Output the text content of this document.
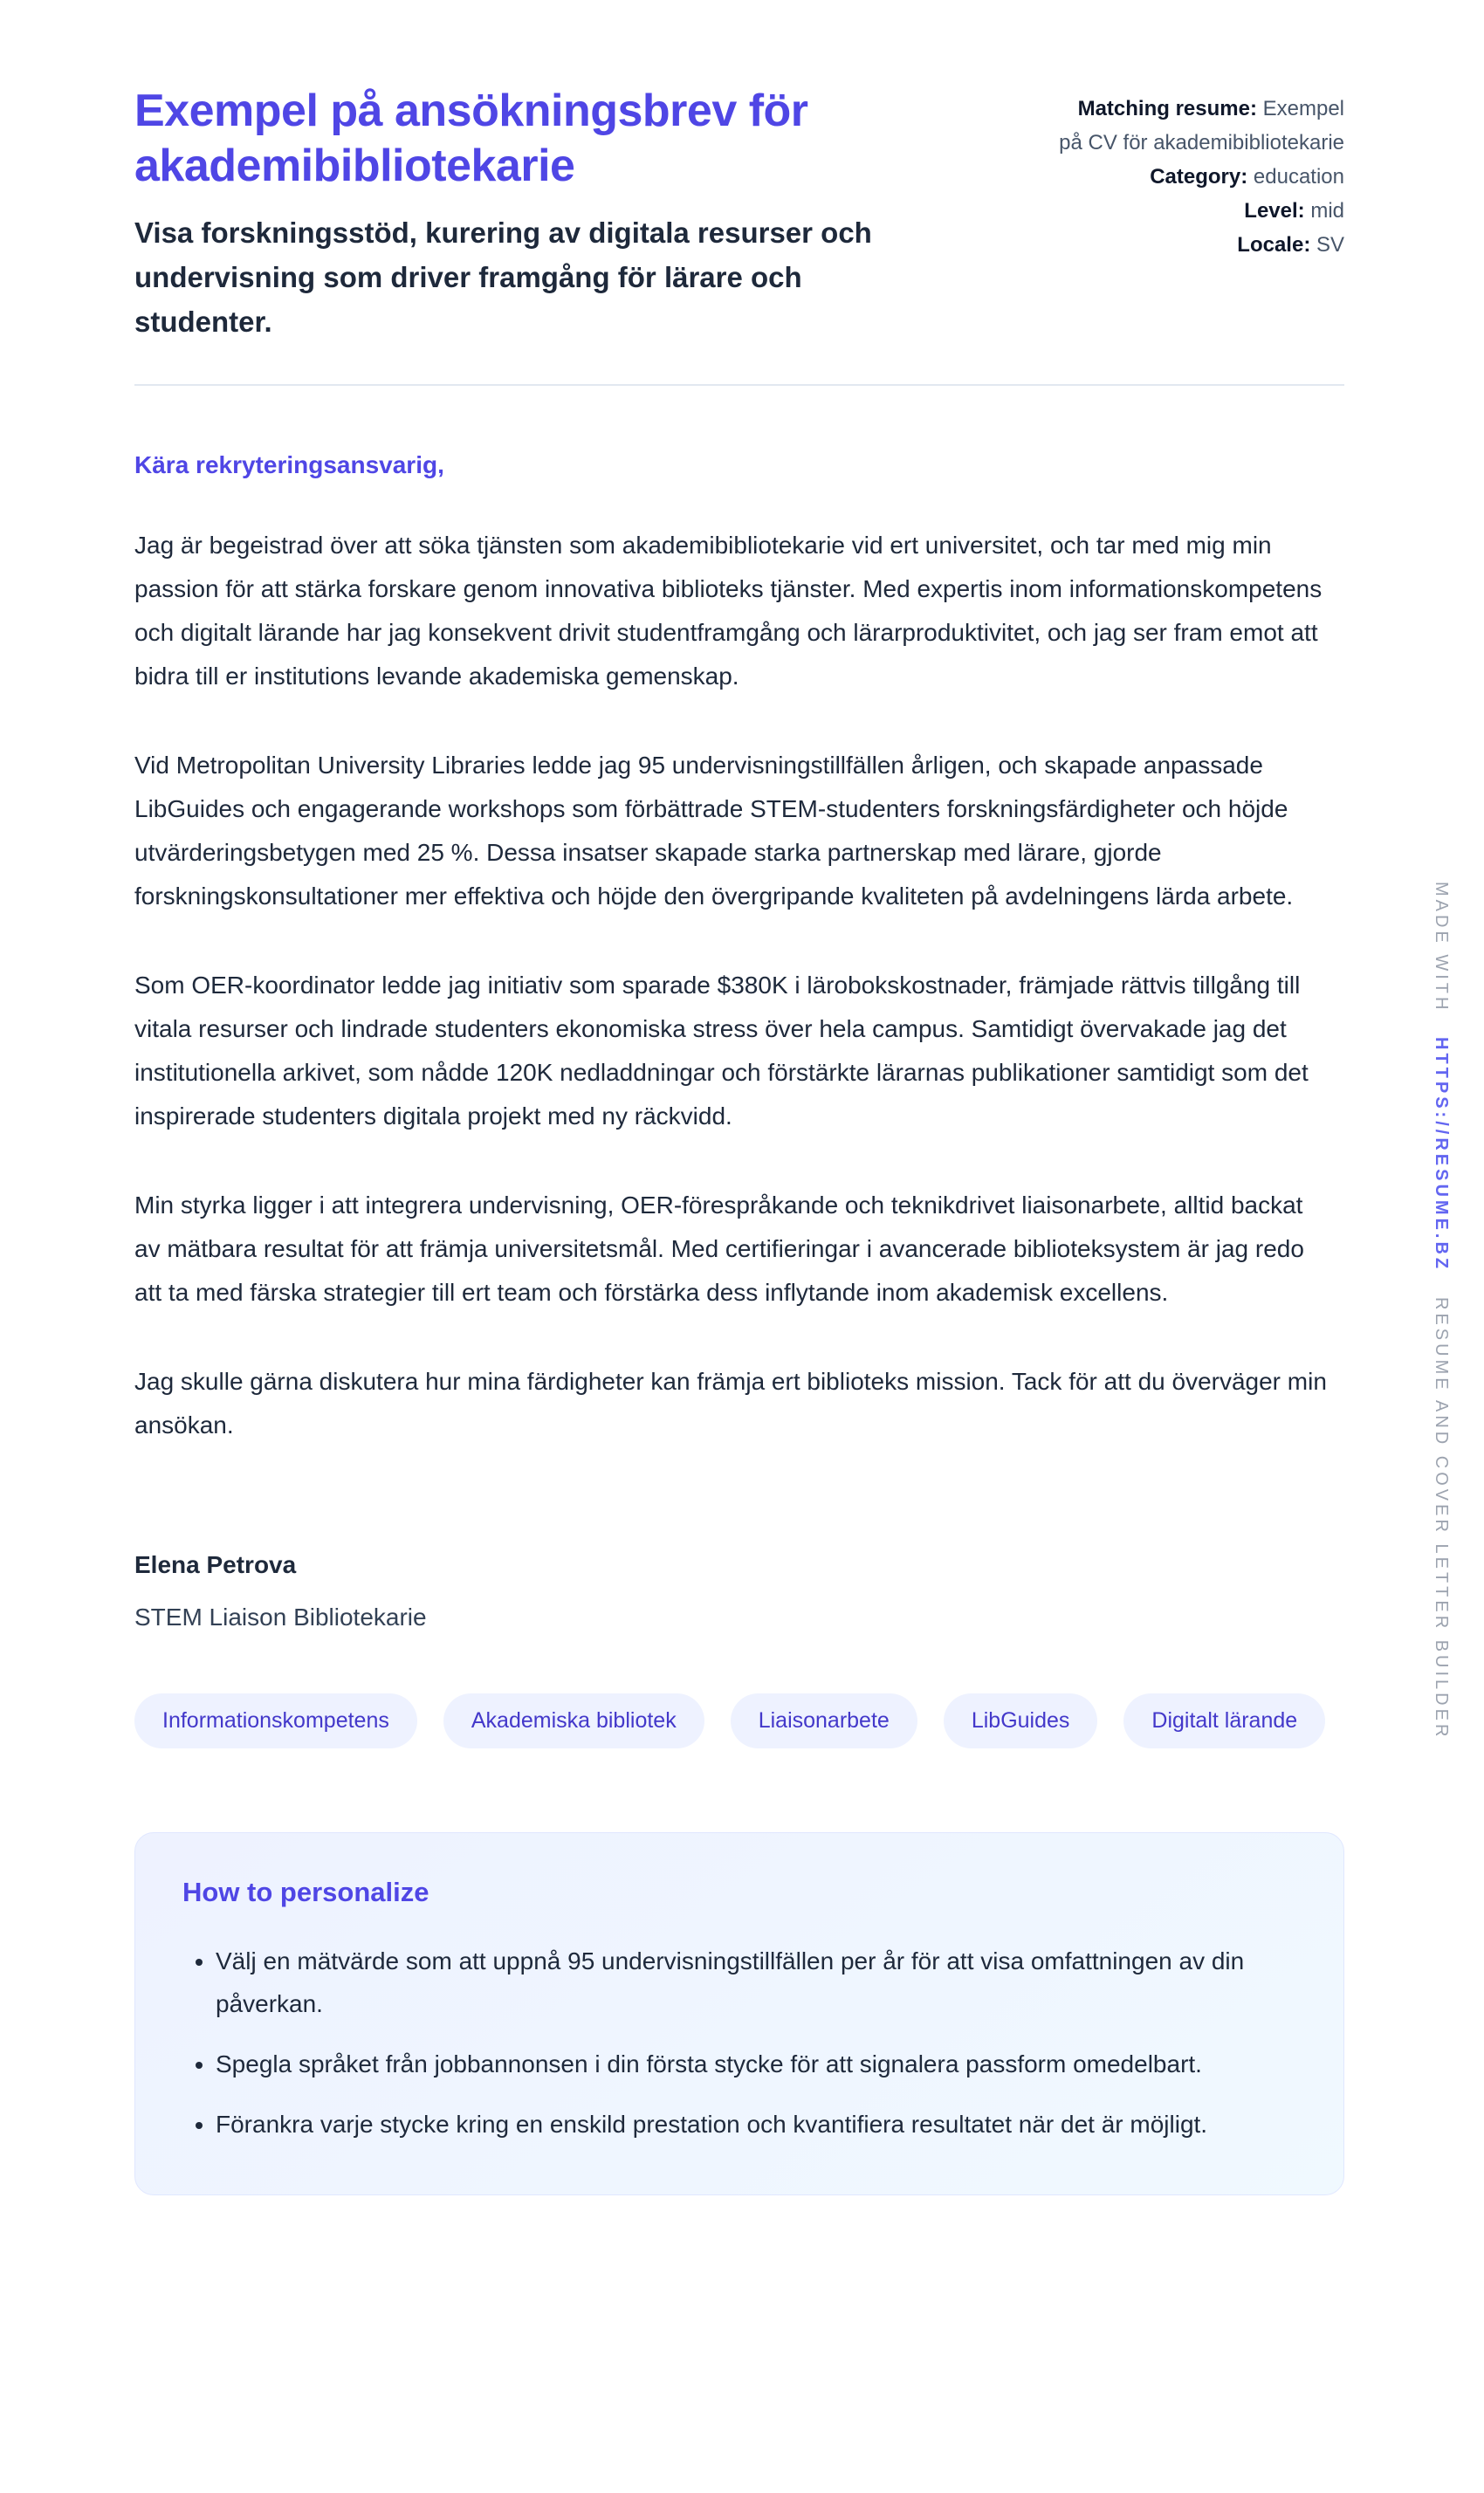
Exempel på ansökningsbrev för akademibibliotekarie

Visa forskningsstöd, kurering av digitala resurser och undervisning som driver framgång för lärare och studenter.

Matching resume: Exempel på CV för akademibibliotekarie
Category: education
Level: mid
Locale: SV

Kära rekryteringsansvarig,

Jag är begeistrad över att söka tjänsten som akademibibliotekarie vid ert universitet, och tar med mig min passion för att stärka forskare genom innovativa biblioteks tjänster. Med expertis inom informationskompetens och digitalt lärande har jag konsekvent drivit studentframgång och lärarproduktivitet, och jag ser fram emot att bidra till er institutions levande akademiska gemenskap.

Vid Metropolitan University Libraries ledde jag 95 undervisningstillfällen årligen, och skapade anpassade LibGuides och engagerande workshops som förbättrade STEM-studenters forskningsfärdigheter och höjde utvärderingsbetygen med 25 %. Dessa insatser skapade starka partnerskap med lärare, gjorde forskningskonsultationer mer effektiva och höjde den övergripande kvaliteten på avdelningens lärda arbete.

Som OER-koordinator ledde jag initiativ som sparade $380K i lärobokskostnader, främjade rättvis tillgång till vitala resurser och lindrade studenters ekonomiska stress över hela campus. Samtidigt övervakade jag det institutionella arkivet, som nådde 120K nedladdningar och förstärkte lärarnas publikationer samtidigt som det inspirerade studenters digitala projekt med ny räckvidd.

Min styrka ligger i att integrera undervisning, OER-förespråkande och teknikdrivet liaisonarbete, alltid backat av mätbara resultat för att främja universitetsmål. Med certifieringar i avancerade biblioteksystem är jag redo att ta med färska strategier till ert team och förstärka dess inflytande inom akademisk excellens.

Jag skulle gärna diskutera hur mina färdigheter kan främja ert biblioteks mission. Tack för att du överväger min ansökan.

Elena Petrova

STEM Liaison Bibliotekarie

Informationskompetens	Akademiska bibliotek	Liaisonarbete	LibGuides	Digitalt lärande
How to personalize
• Välj en mätvärde som att uppnå 95 undervisningstillfällen per år för att visa omfattningen av din påverkan.
• Spegla språket från jobbannonsen i din första stycke för att signalera passform omedelbart.
• Förankra varje stycke kring en enskild prestation och kvantifiera resultatet när det är möjligt.
MADE WITH
HTTPS://RESUME.BZ
RESUME AND COVER LETTER BUILDER
